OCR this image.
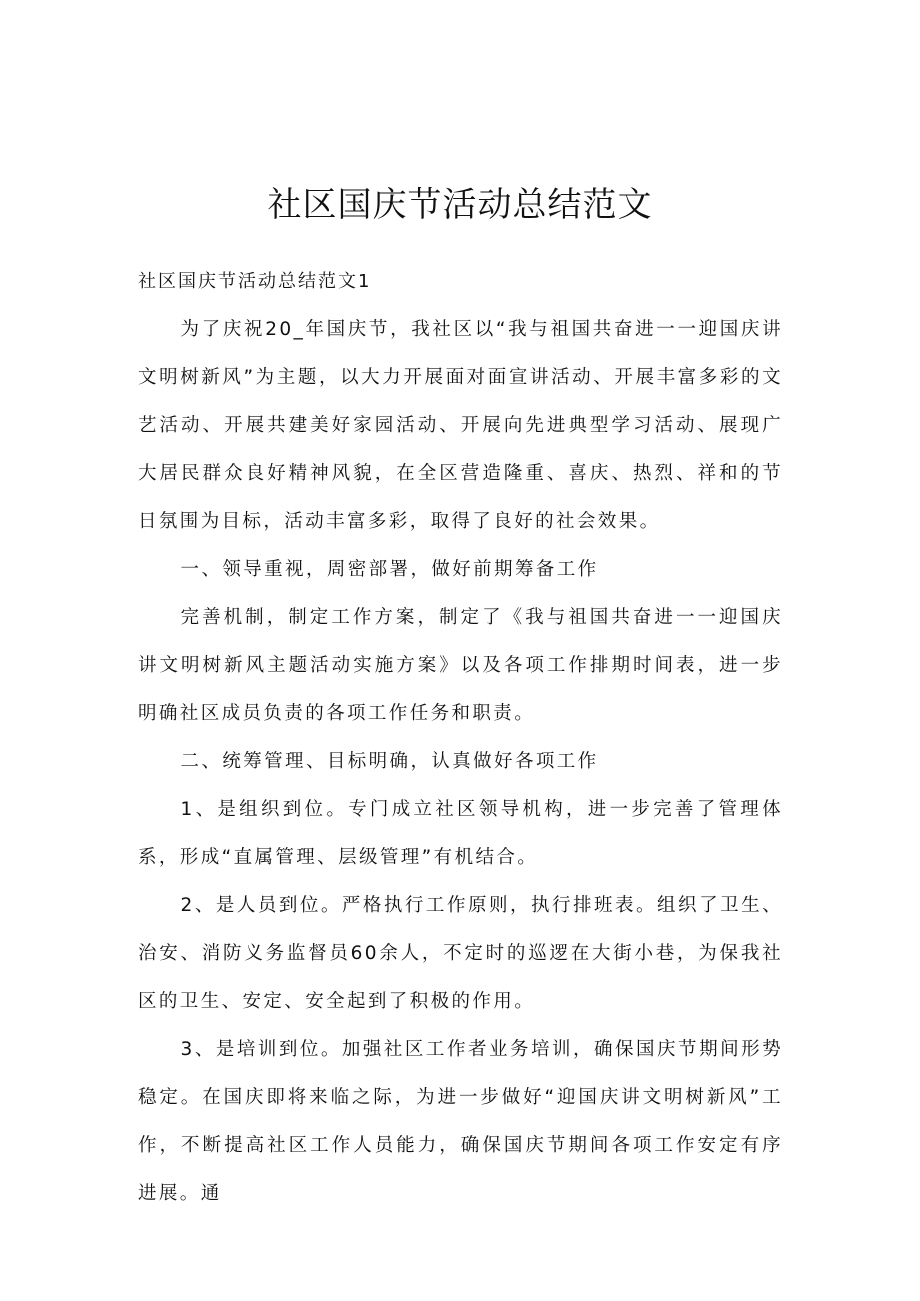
社区国庆节活动总结范文

社区国庆节活动总结范文1

为了庆祝20_年国庆节，我社区以“我与祖国共奋进一一迎国庆讲文明树新风”为主题，以大力开展面对面宣讲活动、开展丰富多彩的文艺活动、开展共建美好家园活动、开展向先进典型学习活动、展现广大居民群众良好精神风貌，在全区营造隆重、喜庆、热烈、祥和的节日氛围为目标，活动丰富多彩，取得了良好的社会效果。

一、领导重视，周密部署，做好前期筹备工作

完善机制，制定工作方案，制定了《我与祖国共奋进一一迎国庆讲文明树新风主题活动实施方案》以及各项工作排期时间表，进一步明确社区成员负责的各项工作任务和职责。

二、统筹管理、目标明确，认真做好各项工作

1、是组织到位。专门成立社区领导机构，进一步完善了管理体系，形成“直属管理、层级管理”有机结合。

2、是人员到位。严格执行工作原则，执行排班表。组织了卫生、治安、消防义务监督员60余人，不定时的巡逻在大街小巷，为保我社区的卫生、安定、安全起到了积极的作用。

3、是培训到位。加强社区工作者业务培训，确保国庆节期间形势稳定。在国庆即将来临之际，为进一步做好“迎国庆讲文明树新风”工作，不断提高社区工作人员能力，确保国庆节期间各项工作安定有序进展。通
